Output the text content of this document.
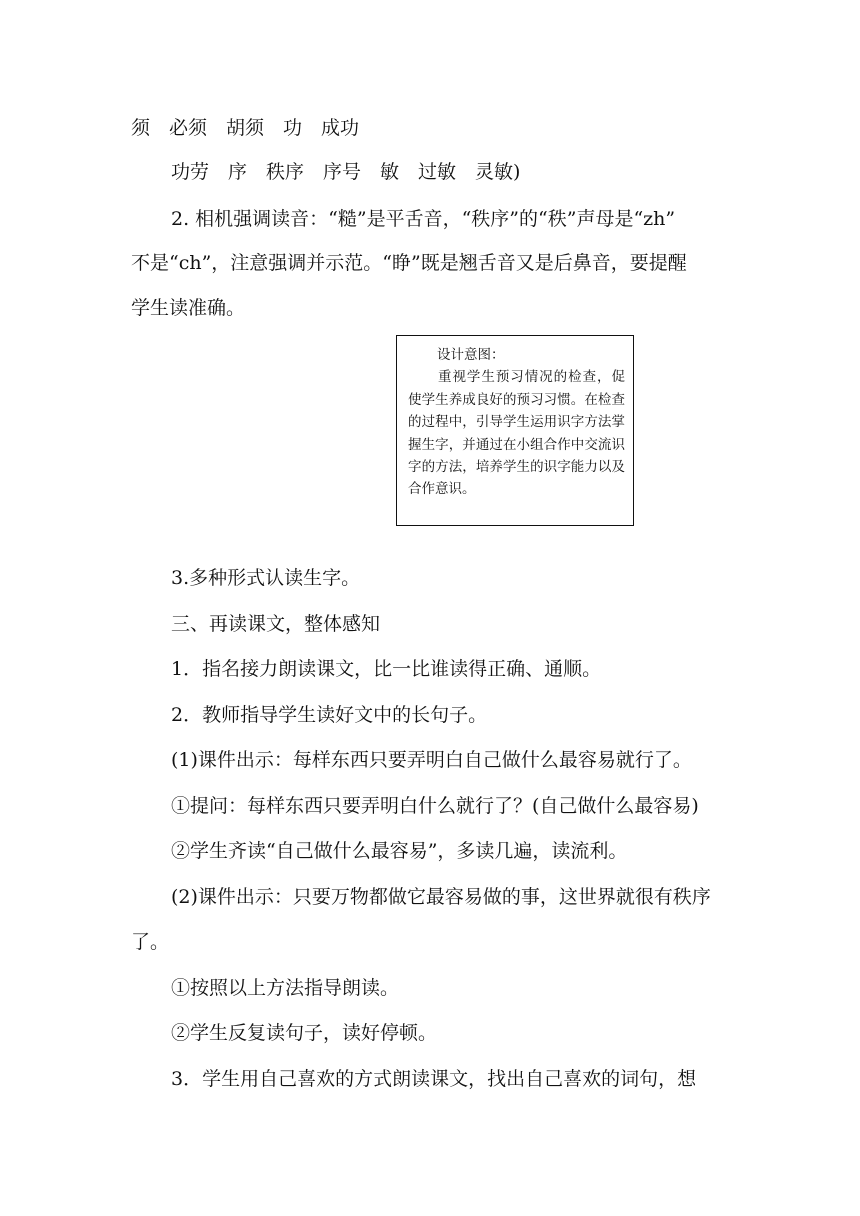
须　必须　胡须　功　成功
功劳　序　秩序　序号　敏　过敏　灵敏)
2. 相机强调读音：“糙”是平舌音，“秩序”的“秩”声母是“zh”
不是“ch”，注意强调并示范。“睁”既是翘舌音又是后鼻音，要提醒
学生读准确。
设计意图：
重视学生预习情况的检查，促使学生养成良好的预习习惯。在检查的过程中，引导学生运用识字方法掌握生字，并通过在小组合作中交流识字的方法，培养学生的识字能力以及合作意识。
3.多种形式认读生字。
三、再读课文，整体感知
1．指名接力朗读课文，比一比谁读得正确、通顺。
2．教师指导学生读好文中的长句子。
(1)课件出示：每样东西只要弄明白自己做什么最容易就行了。
①提问：每样东西只要弄明白什么就行了？(自己做什么最容易)
②学生齐读“自己做什么最容易”，多读几遍，读流利。
(2)课件出示：只要万物都做它最容易做的事，这世界就很有秩序
了。
①按照以上方法指导朗读。
②学生反复读句子，读好停顿。
3．学生用自己喜欢的方式朗读课文，找出自己喜欢的词句，想
